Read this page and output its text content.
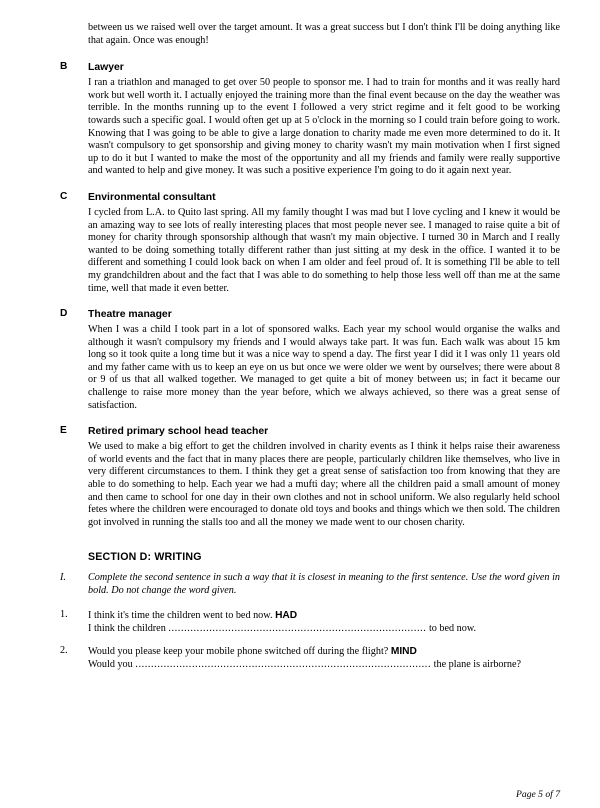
between us we raised well over the target amount. It was a great success but I don't think I'll be doing anything like that again. Once was enough!

B Lawyer

I ran a triathlon and managed to get over 50 people to sponsor me. I had to train for months and it was really hard work but well worth it. I actually enjoyed the training more than the final event because on the day the weather was terrible. In the months running up to the event I followed a very strict regime and it felt good to be working towards such a specific goal. I would often get up at 5 o'clock in the morning so I could train before going to work. Knowing that I was going to be able to give a large donation to charity made me even more determined to do it. It wasn't compulsory to get sponsorship and giving money to charity wasn't my main motivation when I first signed up to do it but I wanted to make the most of the opportunity and all my friends and family were really supportive and wanted to help and give money. It was such a positive experience I'm going to do it again next year.

C Environmental consultant

I cycled from L.A. to Quito last spring. All my family thought I was mad but I love cycling and I knew it would be an amazing way to see lots of really interesting places that most people never see. I managed to raise quite a bit of money for charity through sponsorship although that wasn't my main objective. I turned 30 in March and I really wanted to be doing something totally different rather than just sitting at my desk in the office. I wanted it to be different and something I could look back on when I am older and feel proud of. It is something I'll be able to tell my grandchildren about and the fact that I was able to do something to help those less well off than me at the same time, well that made it even better.

D Theatre manager

When I was a child I took part in a lot of sponsored walks. Each year my school would organise the walks and although it wasn't compulsory my friends and I would always take part. It was fun. Each walk was about 15 km long so it took quite a long time but it was a nice way to spend a day. The first year I did it I was only 11 years old and my father came with us to keep an eye on us but once we were older we went by ourselves; there were about 8 or 9 of us that all walked together. We managed to get quite a bit of money between us; in fact it became our challenge to raise more money than the year before, which we always achieved, so there was a great sense of satisfaction.

E Retired primary school head teacher

We used to make a big effort to get the children involved in charity events as I think it helps raise their awareness of world events and the fact that in many places there are people, particularly children like themselves, who live in very different circumstances to them. I think they get a great sense of satisfaction too from knowing that they are able to do something to help. Each year we had a mufti day; where all the children paid a small amount of money and then came to school for one day in their own clothes and not in school uniform. We also regularly held school fetes where the children were encouraged to donate old toys and books and things which we then sold. The children got involved in running the stalls too and all the money we made went to our chosen charity.

SECTION D: WRITING
I. Complete the second sentence in such a way that it is closest in meaning to the first sentence. Use the word given in bold. Do not change the word given.
1. I think it's time the children went to bed now. HAD
I think the children .................................................................................. to bed now.
2. Would you please keep your mobile phone switched off during the flight? MIND
Would you .............................................................................................. the plane is airborne?
Page 5 of 7
